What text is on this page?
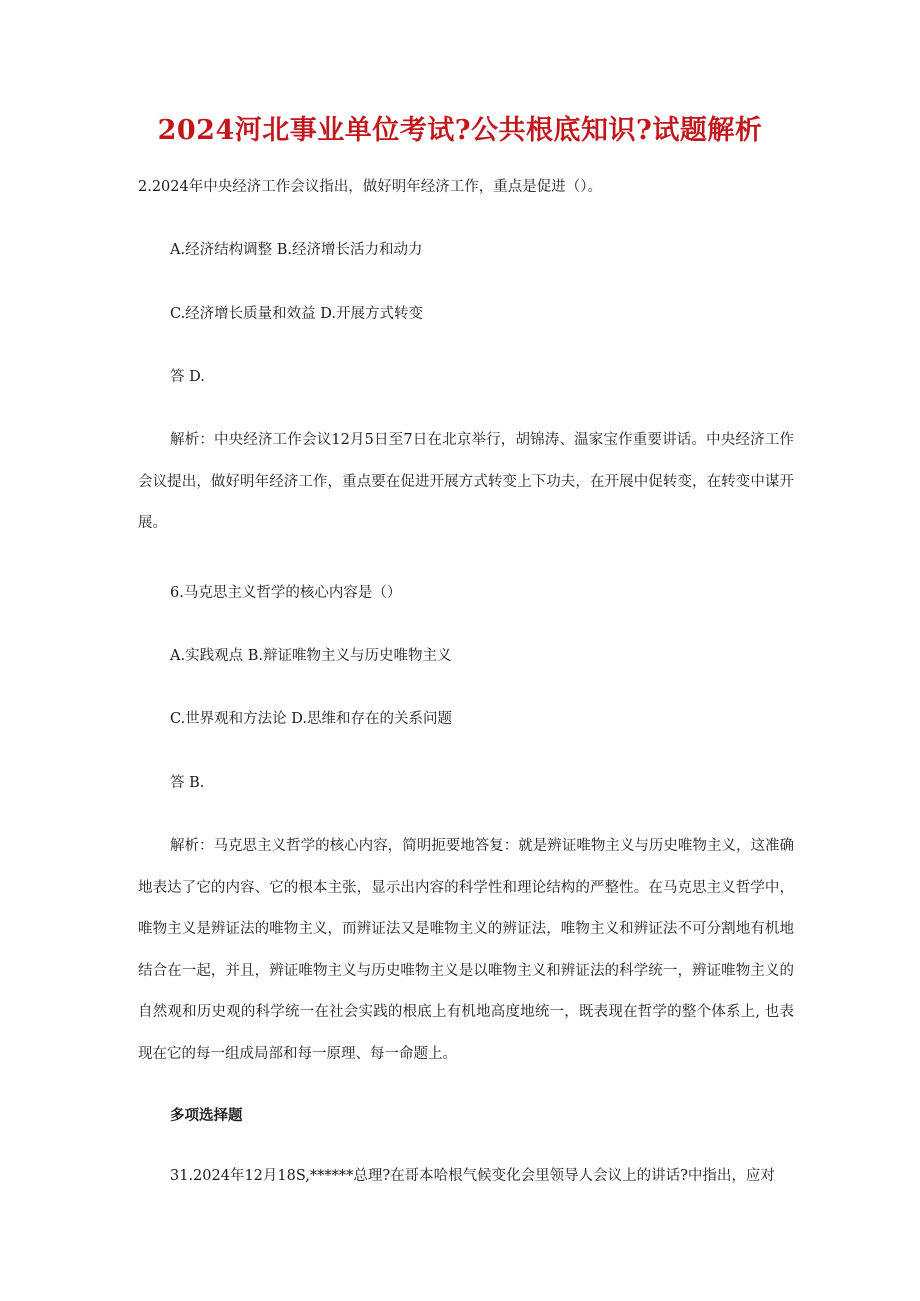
2024河北事业单位考试?公共根底知识?试题解析
2.2024年中央经济工作会议指出，做好明年经济工作，重点是促进（）。
A.经济结构调整 B.经济增长活力和动力
C.经济增长质量和效益 D.开展方式转变
答 D.
解析：中央经济工作会议12月5日至7日在北京举行，胡锦涛、温家宝作重要讲话。中央经济工作会议提出，做好明年经济工作，重点要在促进开展方式转变上下功夫，在开展中促转变，在转变中谋开展。
6.马克思主义哲学的核心内容是（）
A.实践观点 B.辩证唯物主义与历史唯物主义
C.世界观和方法论 D.思维和存在的关系问题
答 B.
解析：马克思主义哲学的核心内容，简明扼要地答复：就是辨证唯物主义与历史唯物主义，这准确地表达了它的内容、它的根本主张，显示出内容的科学性和理论结构的严整性。在马克思主义哲学中，唯物主义是辨证法的唯物主义，而辨证法又是唯物主义的辨证法，唯物主义和辨证法不可分割地有机地结合在一起，并且，辨证唯物主义与历史唯物主义是以唯物主义和辨证法的科学统一，辨证唯物主义的自然观和历史观的科学统一在社会实践的根底上有机地高度地统一，既表现在哲学的整个体系上, 也表现在它的每一组成局部和每一原理、每一命题上。
多项选择题
31.2024年12月18S,******总理?在哥本哈根气候变化会里领导人会议上的讲话?中指出，应对
